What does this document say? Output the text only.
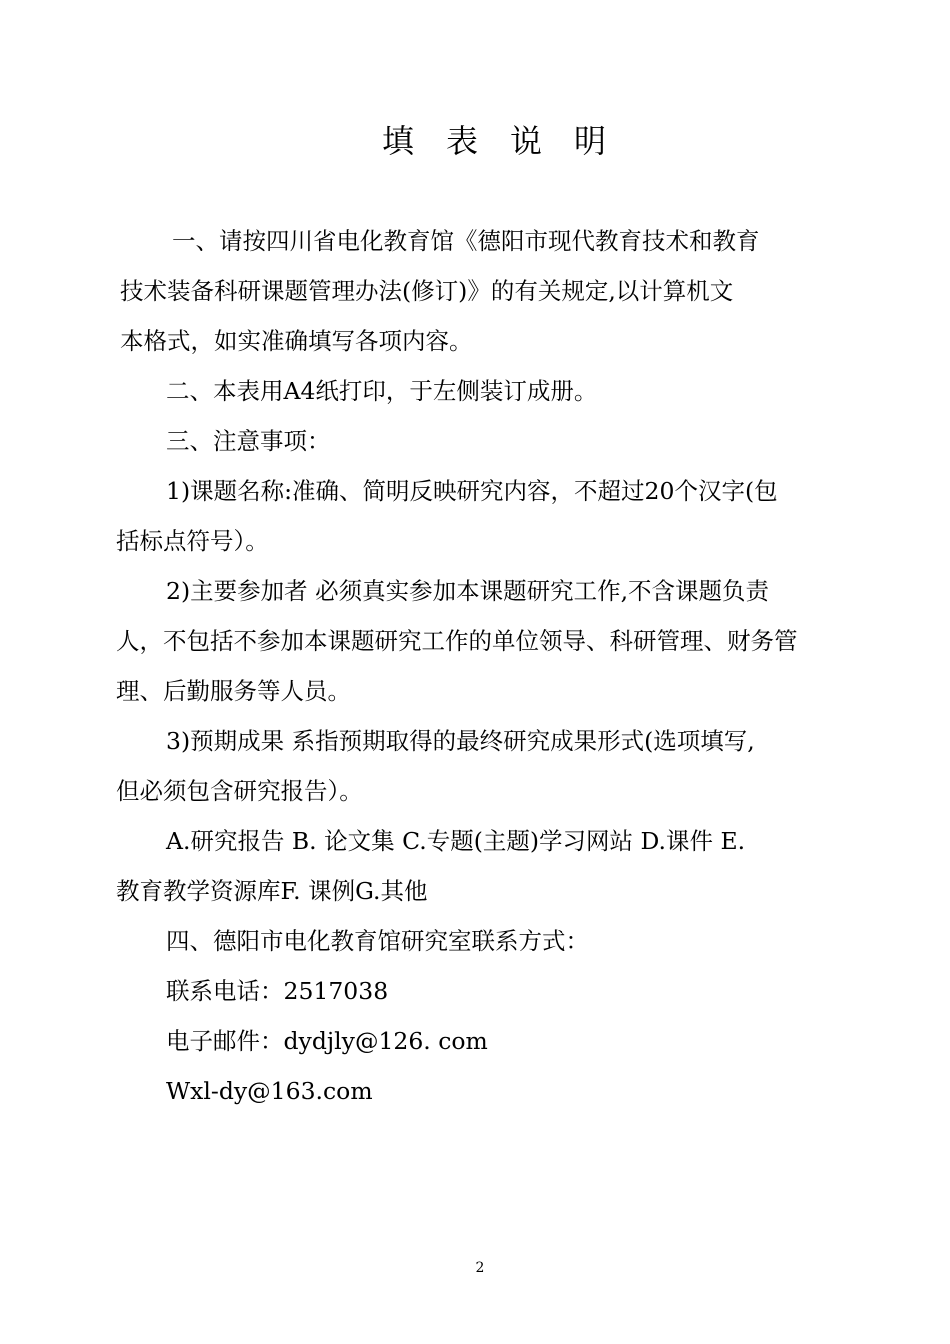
填表说明
一、请按四川省电化教育馆《德阳市现代教育技术和教育
技术装备科研课题管理办法(修订)》的有关规定,以计算机文
本格式，如实准确填写各项内容。
二、本表用A4纸打印，于左侧装订成册。
三、注意事项：
1)课题名称:准确、简明反映研究内容，不超过20个汉字(包
括标点符号）。
2)主要参加者 必须真实参加本课题研究工作,不含课题负责
人，不包括不参加本课题研究工作的单位领导、科研管理、财务管
理、后勤服务等人员。
3)预期成果 系指预期取得的最终研究成果形式(选项填写,
但必须包含研究报告）。
A.研究报告 B. 论文集 C.专题(主题)学习网站 D.课件 E.
教育教学资源库F. 课例G.其他
四、德阳市电化教育馆研究室联系方式：
联系电话：2517038
电子邮件：dydjly@126. com
Wxl-dy@163.com
2
